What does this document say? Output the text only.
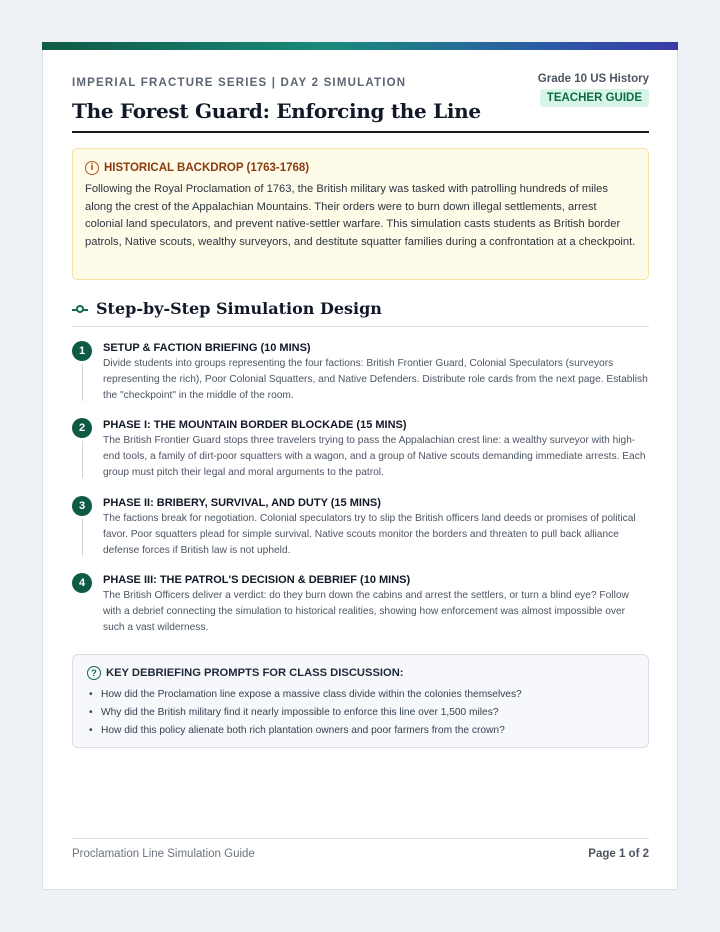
IMPERIAL FRACTURE SERIES | DAY 2 SIMULATION
The Forest Guard: Enforcing the Line
Grade 10 US History
TEACHER GUIDE
i HISTORICAL BACKDROP (1763-1768)
Following the Royal Proclamation of 1763, the British military was tasked with patrolling hundreds of miles along the crest of the Appalachian Mountains. Their orders were to burn down illegal settlements, arrest colonial land speculators, and prevent native-settler warfare. This simulation casts students as British border patrols, Native scouts, wealthy surveyors, and destitute squatter families during a confrontation at a checkpoint.
Step-by-Step Simulation Design
1	SETUP & FACTION BRIEFING (10 MINS)
Divide students into groups representing the four factions: British Frontier Guard, Colonial Speculators (surveyors representing the rich), Poor Colonial Squatters, and Native Defenders. Distribute role cards from the next page. Establish the "checkpoint" in the middle of the room.
2	PHASE I: THE MOUNTAIN BORDER BLOCKADE (15 MINS)
The British Frontier Guard stops three travelers trying to pass the Appalachian crest line: a wealthy surveyor with high-end tools, a family of dirt-poor squatters with a wagon, and a group of Native scouts demanding immediate arrests. Each group must pitch their legal and moral arguments to the patrol.
3	PHASE II: BRIBERY, SURVIVAL, AND DUTY (15 MINS)
The factions break for negotiation. Colonial speculators try to slip the British officers land deeds or promises of political favor. Poor squatters plead for simple survival. Native scouts monitor the borders and threaten to pull back alliance defense forces if British law is not upheld.
4	PHASE III: THE PATROL'S DECISION & DEBRIEF (10 MINS)
The British Officers deliver a verdict: do they burn down the cabins and arrest the settlers, or turn a blind eye? Follow with a debrief connecting the simulation to historical realities, showing how enforcement was almost impossible over such a vast wilderness.
? KEY DEBRIEFING PROMPTS FOR CLASS DISCUSSION:
• How did the Proclamation line expose a massive class divide within the colonies themselves?
• Why did the British military find it nearly impossible to enforce this line over 1,500 miles?
• How did this policy alienate both rich plantation owners and poor farmers from the crown?
Proclamation Line Simulation Guide	Page 1 of 2
